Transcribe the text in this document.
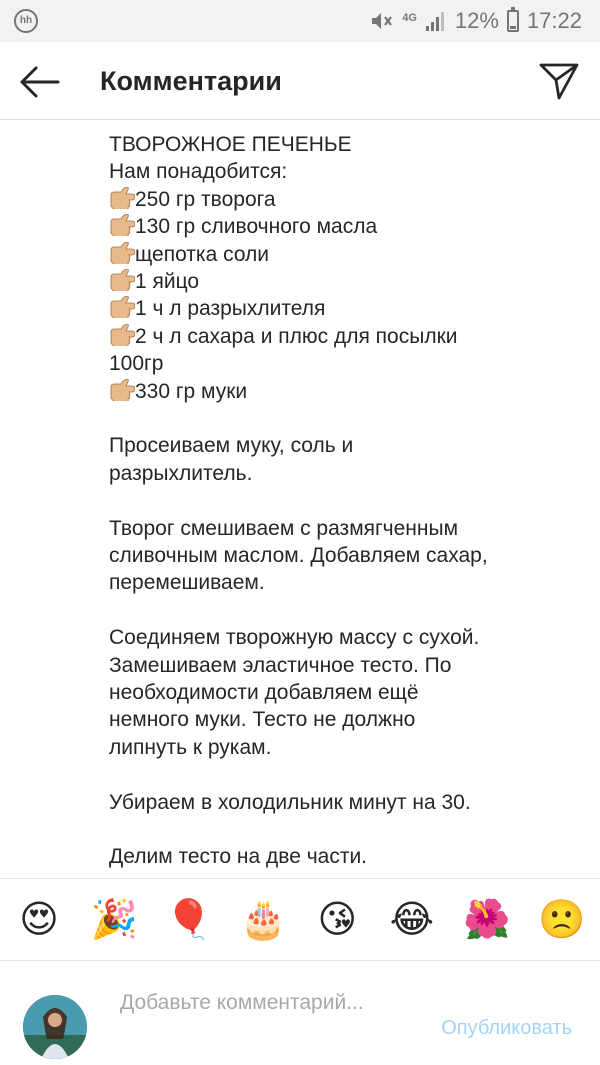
hh	4G 12% 17:22
Комментарии
ТВОРОЖНОЕ ПЕЧЕНЬЕ
Нам понадобится:
250 гр творога
130 гр сливочного масла
щепотка соли
1 яйцо
1 ч л разрыхлителя
2 ч л сахара и плюс для посылки
100гр
330 гр муки
Просеиваем муку, соль и
разрыхлитель.
Творог смешиваем с размягченным
сливочным маслом. Добавляем сахар,
перемешиваем.
Соединяем творожную массу с сухой.
Замешиваем эластичное тесто. По
необходимости добавляем ещё
немного муки. Тесто не должно
липнуть к рукам.
Убираем в холодильник минут на 30.
Делим тесто на две части.
😍 🎉 🎈 🎂 😘 😂 🌺 🙁
Добавьте комментарий...
Опубликовать
